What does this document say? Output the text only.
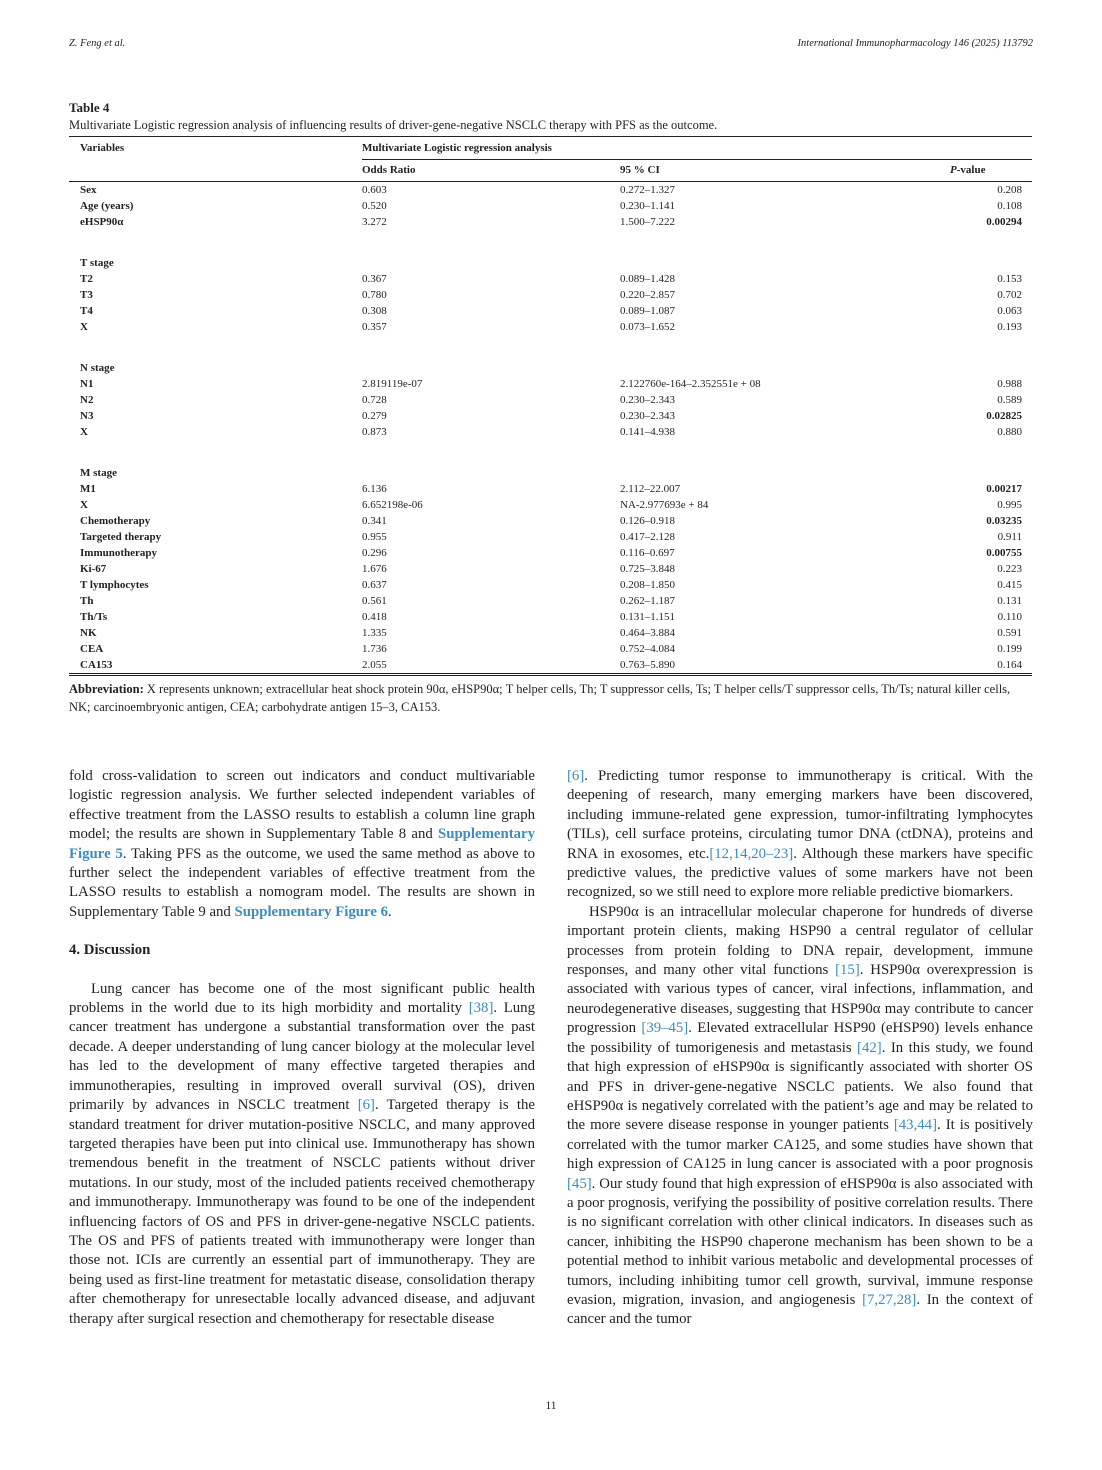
Z. Feng et al.	International Immunopharmacology 146 (2025) 113792
Table 4
Multivariate Logistic regression analysis of influencing results of driver-gene-negative NSCLC therapy with PFS as the outcome.
Variables	Multivariate Logistic regression analysis		
	Odds Ratio	95 % CI	P-value
Sex	0.603	0.272–1.327	0.208
Age (years)	0.520	0.230–1.141	0.108
eHSP90α	3.272	1.500–7.222	0.00294

T stage			
T2	0.367	0.089–1.428	0.153
T3	0.780	0.220–2.857	0.702
T4	0.308	0.089–1.087	0.063
X	0.357	0.073–1.652	0.193

N stage			
N1	2.819119e-07	2.122760e-164–2.352551e + 08	0.988
N2	0.728	0.230–2.343	0.589
N3	0.279	0.230–2.343	0.02825
X	0.873	0.141–4.938	0.880

M stage			
M1	6.136	2.112–22.007	0.00217
X	6.652198e-06	NA-2.977693e + 84	0.995
Chemotherapy	0.341	0.126–0.918	0.03235
Targeted therapy	0.955	0.417–2.128	0.911
Immunotherapy	0.296	0.116–0.697	0.00755
Ki-67	1.676	0.725–3.848	0.223
T lymphocytes	0.637	0.208–1.850	0.415
Th	0.561	0.262–1.187	0.131
Th/Ts	0.418	0.131–1.151	0.110
NK	1.335	0.464–3.884	0.591
CEA	1.736	0.752–4.084	0.199
CA153	2.055	0.763–5.890	0.164
Abbreviation: X represents unknown; extracellular heat shock protein 90α, eHSP90α; T helper cells, Th; T suppressor cells, Ts; T helper cells/T suppressor cells, Th/Ts; natural killer cells, NK; carcinoembryonic antigen, CEA; carbohydrate antigen 15–3, CA153.

fold cross-validation to screen out indicators and conduct multivariable logistic regression analysis. We further selected independent variables of effective treatment from the LASSO results to establish a column line graph model; the results are shown in Supplementary Table 8 and Supplementary Figure 5. Taking PFS as the outcome, we used the same method as above to further select the independent variables of effective treatment from the LASSO results to establish a nomogram model. The results are shown in Supplementary Table 9 and Supplementary Figure 6.

4. Discussion

Lung cancer has become one of the most significant public health problems in the world due to its high morbidity and mortality [38]. Lung cancer treatment has undergone a substantial transformation over the past decade. A deeper understanding of lung cancer biology at the molecular level has led to the development of many effective targeted therapies and immunotherapies, resulting in improved overall survival (OS), driven primarily by advances in NSCLC treatment [6]. Targeted therapy is the standard treatment for driver mutation-positive NSCLC, and many approved targeted therapies have been put into clinical use. Immunotherapy has shown tremendous benefit in the treatment of NSCLC patients without driver mutations. In our study, most of the included patients received chemotherapy and immunotherapy. Immunotherapy was found to be one of the independent influencing factors of OS and PFS in driver-gene-negative NSCLC patients. The OS and PFS of patients treated with immunotherapy were longer than those not. ICIs are currently an essential part of immunotherapy. They are being used as first-line treatment for metastatic disease, consolidation therapy after chemotherapy for unresectable locally advanced disease, and adjuvant therapy after surgical resection and chemotherapy for resectable disease

[6]. Predicting tumor response to immunotherapy is critical. With the deepening of research, many emerging markers have been discovered, including immune-related gene expression, tumor-infiltrating lymphocytes (TILs), cell surface proteins, circulating tumor DNA (ctDNA), proteins and RNA in exosomes, etc.[12,14,20–23]. Although these markers have specific predictive values, the predictive values of some markers have not been recognized, so we still need to explore more reliable predictive biomarkers.

HSP90α is an intracellular molecular chaperone for hundreds of diverse important protein clients, making HSP90 a central regulator of cellular processes from protein folding to DNA repair, development, immune responses, and many other vital functions [15]. HSP90α overexpression is associated with various types of cancer, viral infections, inflammation, and neurodegenerative diseases, suggesting that HSP90α may contribute to cancer progression [39–45]. Elevated extracellular HSP90 (eHSP90) levels enhance the possibility of tumorigenesis and metastasis [42]. In this study, we found that high expression of eHSP90α is significantly associated with shorter OS and PFS in driver-gene-negative NSCLC patients. We also found that eHSP90α is negatively correlated with the patient’s age and may be related to the more severe disease response in younger patients [43,44]. It is positively correlated with the tumor marker CA125, and some studies have shown that high expression of CA125 in lung cancer is associated with a poor prognosis [45]. Our study found that high expression of eHSP90α is also associated with a poor prognosis, verifying the possibility of positive correlation results. There is no significant correlation with other clinical indicators. In diseases such as cancer, inhibiting the HSP90 chaperone mechanism has been shown to be a potential method to inhibit various metabolic and developmental processes of tumors, including inhibiting tumor cell growth, survival, immune response evasion, migration, invasion, and angiogenesis [7,27,28]. In the context of cancer and the tumor

11
